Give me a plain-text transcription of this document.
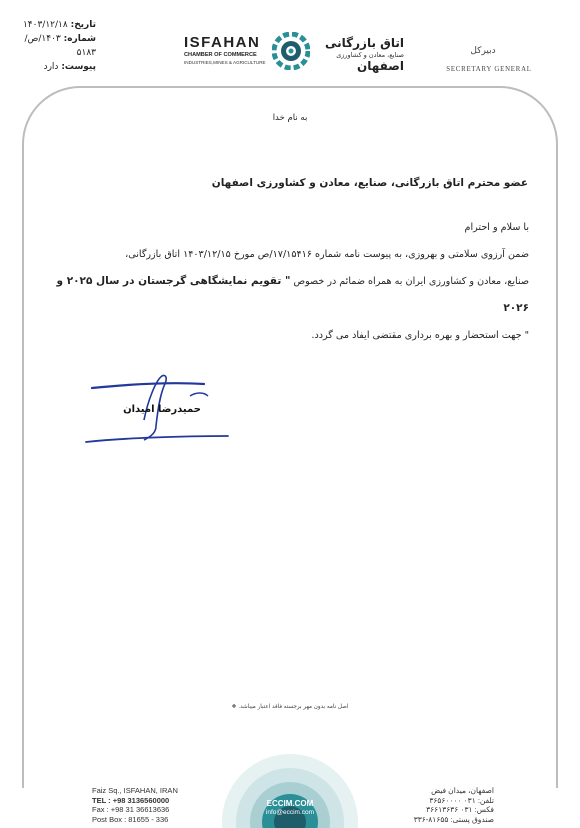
تاریخ: ۱۴۰۳/۱۲/۱۸
شماره: ۱۴۰۳/ص/۵۱۸۳
پیوست: دارد
ISFAHAN
CHAMBER OF COMMERCE
INDUSTRIES,MINES & AGRICULTURE
اتاق بازرگانی
صنایع، معادن و کشاورزی
اصفهان
دبیرکل
SECRETARY GENERAL
به نام خدا
عضو محترم اتاق بازرگانی، صنایع، معادن و کشاورزی اصفهان
با سلام و احترام
ضمن آرزوی سلامتی و بهروزی، به پیوست نامه شماره ۱۷/۱۵۴۱۶/ص مورخ ۱۴۰۳/۱۲/۱۵ اتاق بازرگانی،
صنایع، معادن و کشاورزی ایران به همراه ضمائم در خصوص " تقویم نمایشگاهی گرجستان در سال ۲۰۲۵ و ۲۰۲۶
" جهت استحضار و بهره برداری مقتضی ایفاد می گردد.
حمیدرضا امیدان
اصل نامه بدون مهر برجسته فاقد اعتبار میباشد. ❖
ECCIM.COM
info@eccim.com
Faiz Sq., ISFAHAN, IRAN
TEL : +98 3136560000
Fax : +98 31 36613636
Post Box : 81655 - 336
اصفهان، میدان فیض
تلفن: ۰۳۱ ۳۶۵۶۰۰۰۰
فکس: ۰۳۱ ۳۶۶۱۳۶۳۶
صندوق پستی: ۸۱۶۵۵-۳۳۶
